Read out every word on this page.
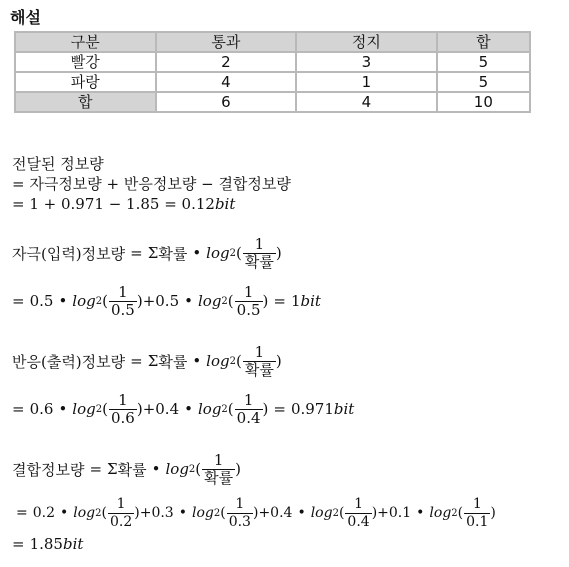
해설
구분	통과	정지	합
빨강	2	3	5
파랑	4	1	5
합	6	4	10
전달된 정보량
= 자극정보량 + 반응정보량 − 결합정보량
= 1 + 0.971 − 1.85 = 0.12bit
자극(입력)정보량 = Σ 확률 • log 2 ( $\frac{1}{\text{확률}}$ )
= 0.5 • log 2 ( $\frac{1}{0.5}$ ) + 0.5 • log 2 ( $\frac{1}{0.5}$ ) = 1 bit
반응(출력)정보량 = Σ 확률 • log 2 ( $\frac{1}{\text{확률}}$ )
= 0.6 • log 2 ( $\frac{1}{0.6}$ ) + 0.4 • log 2 ( $\frac{1}{0.4}$ ) = 0.971 bit
결합정보량 = Σ 확률 • log 2 ( $\frac{1}{\text{확률}}$ )
= 0.2 • log 2 ( $\frac{1}{0.2}$ ) + 0.3 • log 2 ( $\frac{1}{0.3}$ ) + 0.4 • log 2 ( $\frac{1}{0.4}$ ) + 0.1 • log 2 ( $\frac{1}{0.1}$ )
= 1.85bit
